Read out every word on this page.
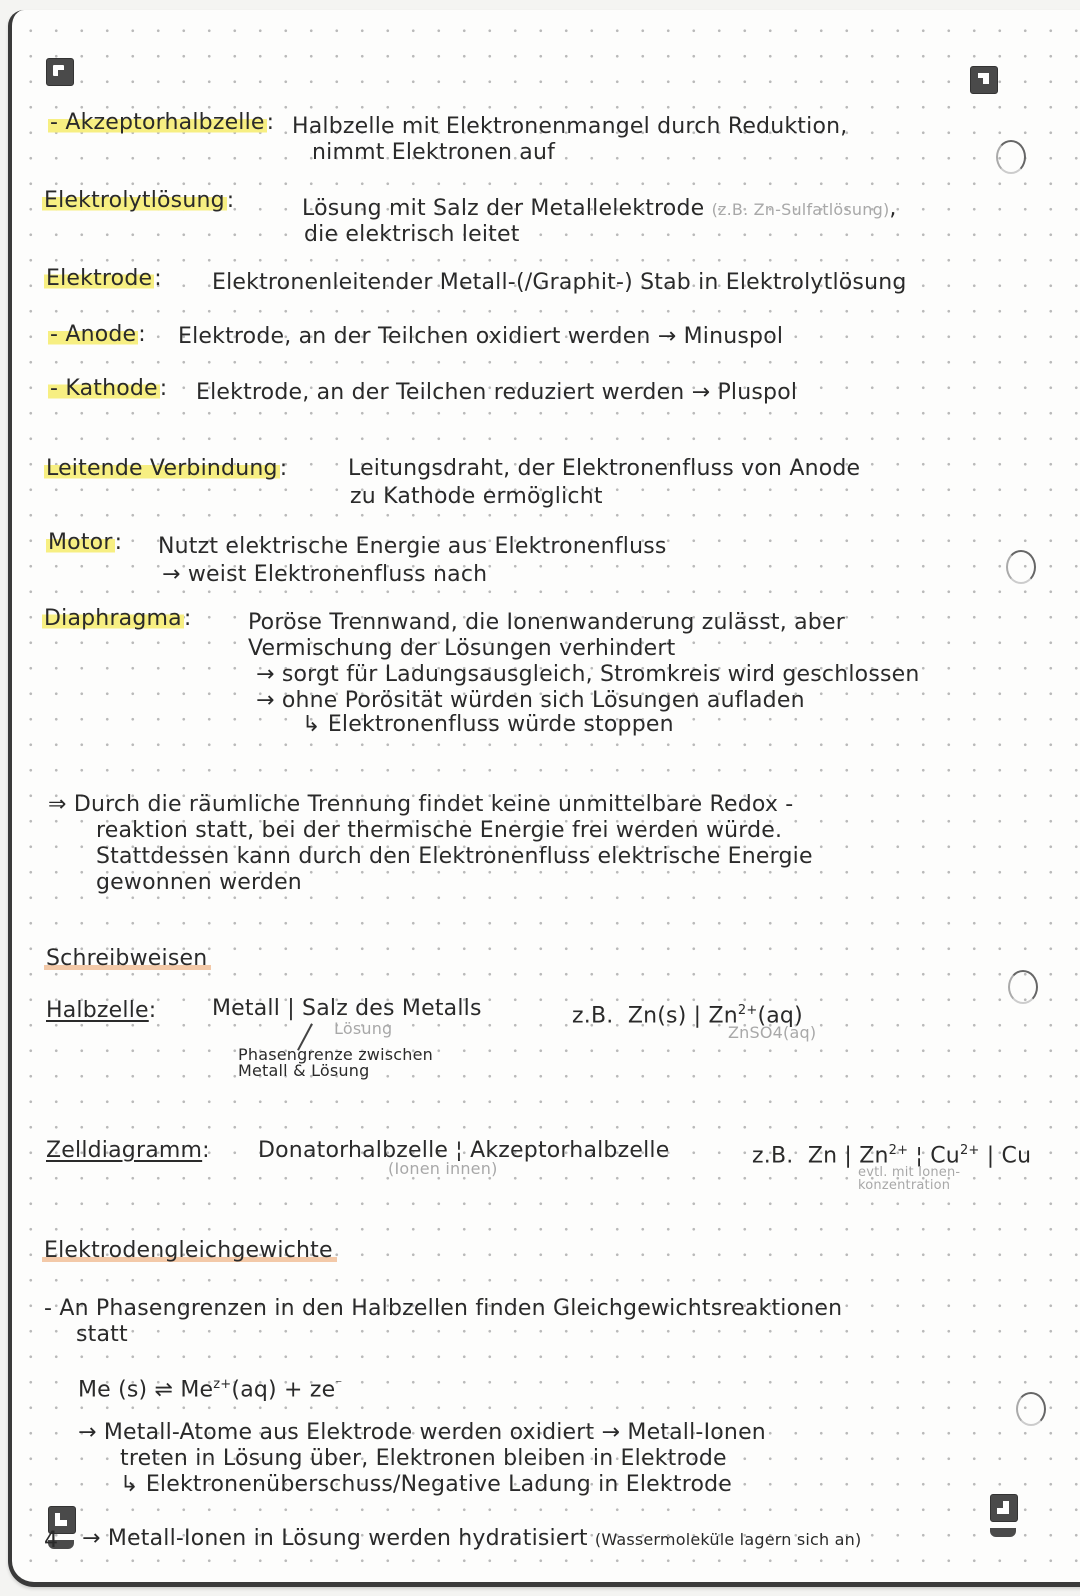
- Akzeptorhalbzelle: Halbzelle mit Elektronenmangel durch Reduktion,
nimmt Elektronen auf
Elektrolytlösung:	Lösung mit Salz der Metallelektrode (z.B. Zn-Sulfatlösung),
die elektrisch leitet
Elektrode: Elektronenleitender Metall-(/Graphit-) Stab in Elektrolytlösung
- Anode: Elektrode, an der Teilchen oxidiert werden → Minuspol
- Kathode: Elektrode, an der Teilchen reduziert werden → Pluspol
Leitende Verbindung:	Leitungsdraht, der Elektronenfluss von Anode
zu Kathode ermöglicht
Motor: Nutzt elektrische Energie aus Elektronenfluss
→ weist Elektronenfluss nach
Diaphragma:	Poröse Trennwand, die Ionenwanderung zulässt, aber
Vermischung der Lösungen verhindert
→ sorgt für Ladungsausgleich, Stromkreis wird geschlossen
→ ohne Porösität würden sich Lösungen aufladen
↳ Elektronenfluss würde stoppen
⇒ Durch die räumliche Trennung findet keine unmittelbare Redox -
reaktion statt, bei der thermische Energie frei werden würde.
Stattdessen kann durch den Elektronenfluss elektrische Energie
gewonnen werden
Schreibweisen
Halbzelle:	Metall | Salz des Metalls
Lösung
Phasengrenze zwischen
Metall & Lösung
z.B. Zn(s) | $Zn^{2+}(aq)$
ZnSO4(aq)
Zelldiagramm: Donatorhalbzelle ¦ Akzeptorhalbzelle
(Ionen innen)
z.B. Zn | $Zn^{2+}$ ¦ $Cu^{2+}$ | Cu
evtl. mit Ionen-
konzentration
Elektrodengleichgewichte
- An Phasengrenzen in den Halbzellen finden Gleichgewichtsreaktionen
statt
Me (s) ⇌ $Me^{z+}(aq) + ze^{^-}$
→ Metall-Atome aus Elektrode werden oxidiert → Metall-Ionen
treten in Lösung über, Elektronen bleiben in Elektrode
↳ Elektronenüberschuss/Negative Ladung in Elektrode
→ Metall-Ionen in Lösung werden hydratisiert (Wassermoleküle lagern sich an)
4
